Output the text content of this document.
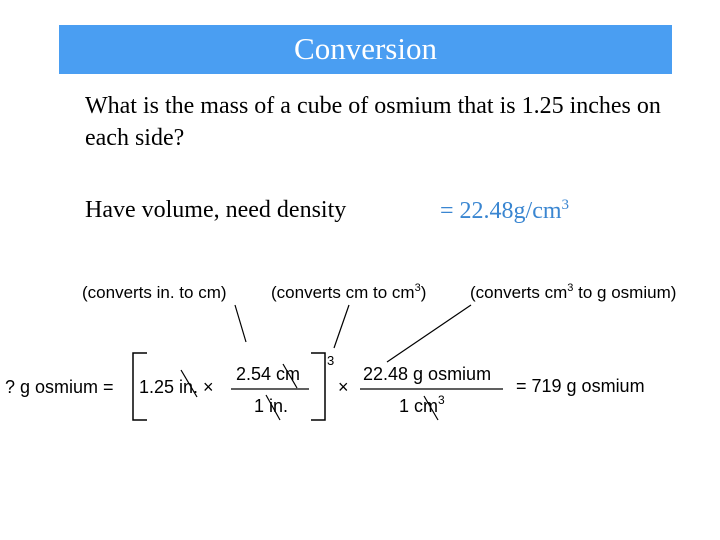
Conversion
What is the mass of a cube of osmium that is 1.25 inches on each side?
Have volume, need density	= $22.48g/cm^3$
(converts in. to cm)	(converts cm to $cm^3$)	(converts $cm^3$ to g osmium)
? g osmium = 1.25 in. ×
2.54 cm
1 in.
3
×
22.48 g osmium
1 $cm^3$
= 719 g osmium
